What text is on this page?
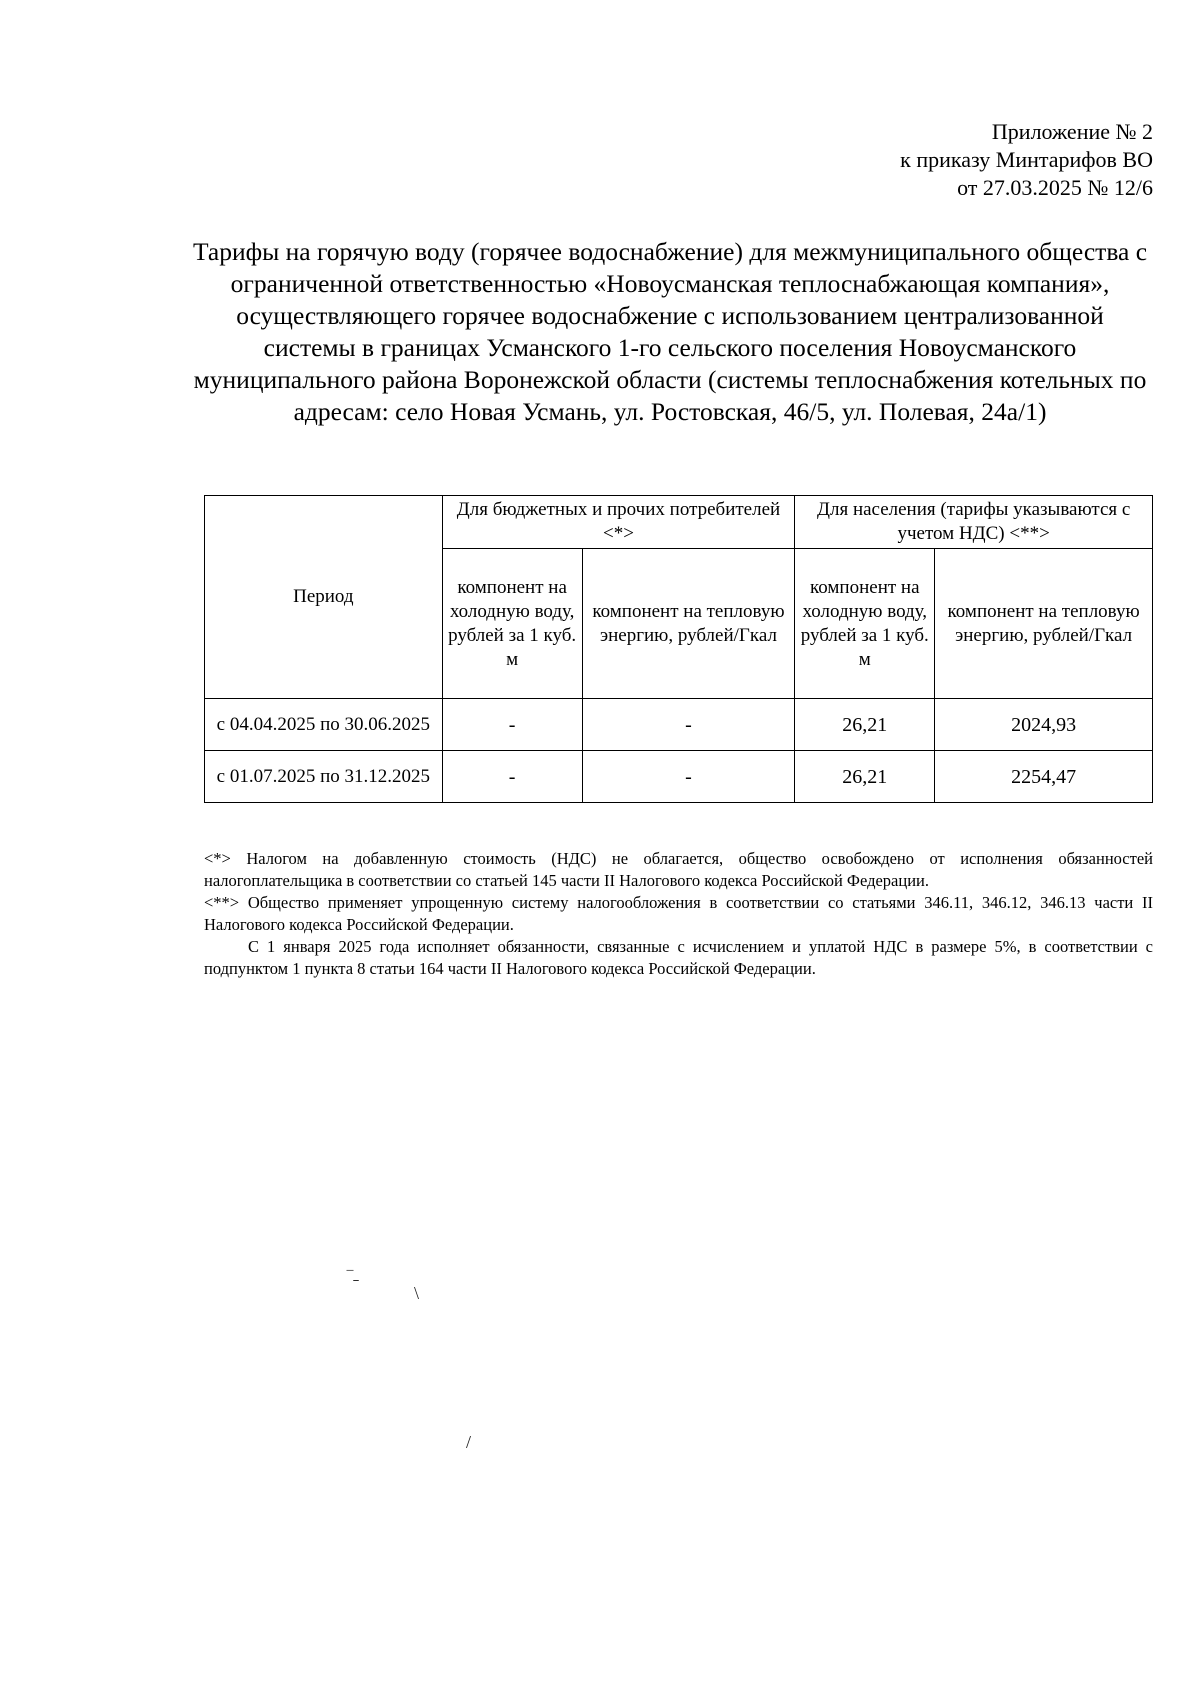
Приложение № 2
к приказу Минтарифов ВО
от 27.03.2025 № 12/6
Тарифы на горячую воду (горячее водоснабжение) для межмуниципального общества с ограниченной ответственностью «Новоусманская теплоснабжающая компания», осуществляющего горячее водоснабжение с использованием централизованной системы в границах Усманского 1-го сельского поселения Новоусманского муниципального района Воронежской области (системы теплоснабжения котельных по адресам: село Новая Усмань, ул. Ростовская, 46/5, ул. Полевая, 24а/1)
Период	Для бюджетных и прочих потребителей <*>		Для населения (тарифы указываются с учетом НДС) <**>	
	компонент на холодную воду, рублей за 1 куб. м	компонент на тепловую энергию, рублей/Гкал	компонент на холодную воду, рублей за 1 куб. м	компонент на тепловую энергию, рублей/Гкал
с 04.04.2025 по 30.06.2025	-	-	26,21	2024,93
с 01.07.2025 по 31.12.2025	-	-	26,21	2254,47

<*> Налогом на добавленную стоимость (НДС) не облагается, общество освобождено от исполнения обязанностей налогоплательщика в соответствии со статьей 145 части II Налогового кодекса Российской Федерации.

<**> Общество применяет упрощенную систему налогообложения в соответствии со статьями 346.11, 346.12, 346.13 части II Налогового кодекса Российской Федерации.

С 1 января 2025 года исполняет обязанности, связанные с исчислением и уплатой НДС в размере 5%, в соответствии с подпунктом 1 пункта 8 статьи 164 части II Налогового кодекса Российской Федерации.

‾˗
\
/
